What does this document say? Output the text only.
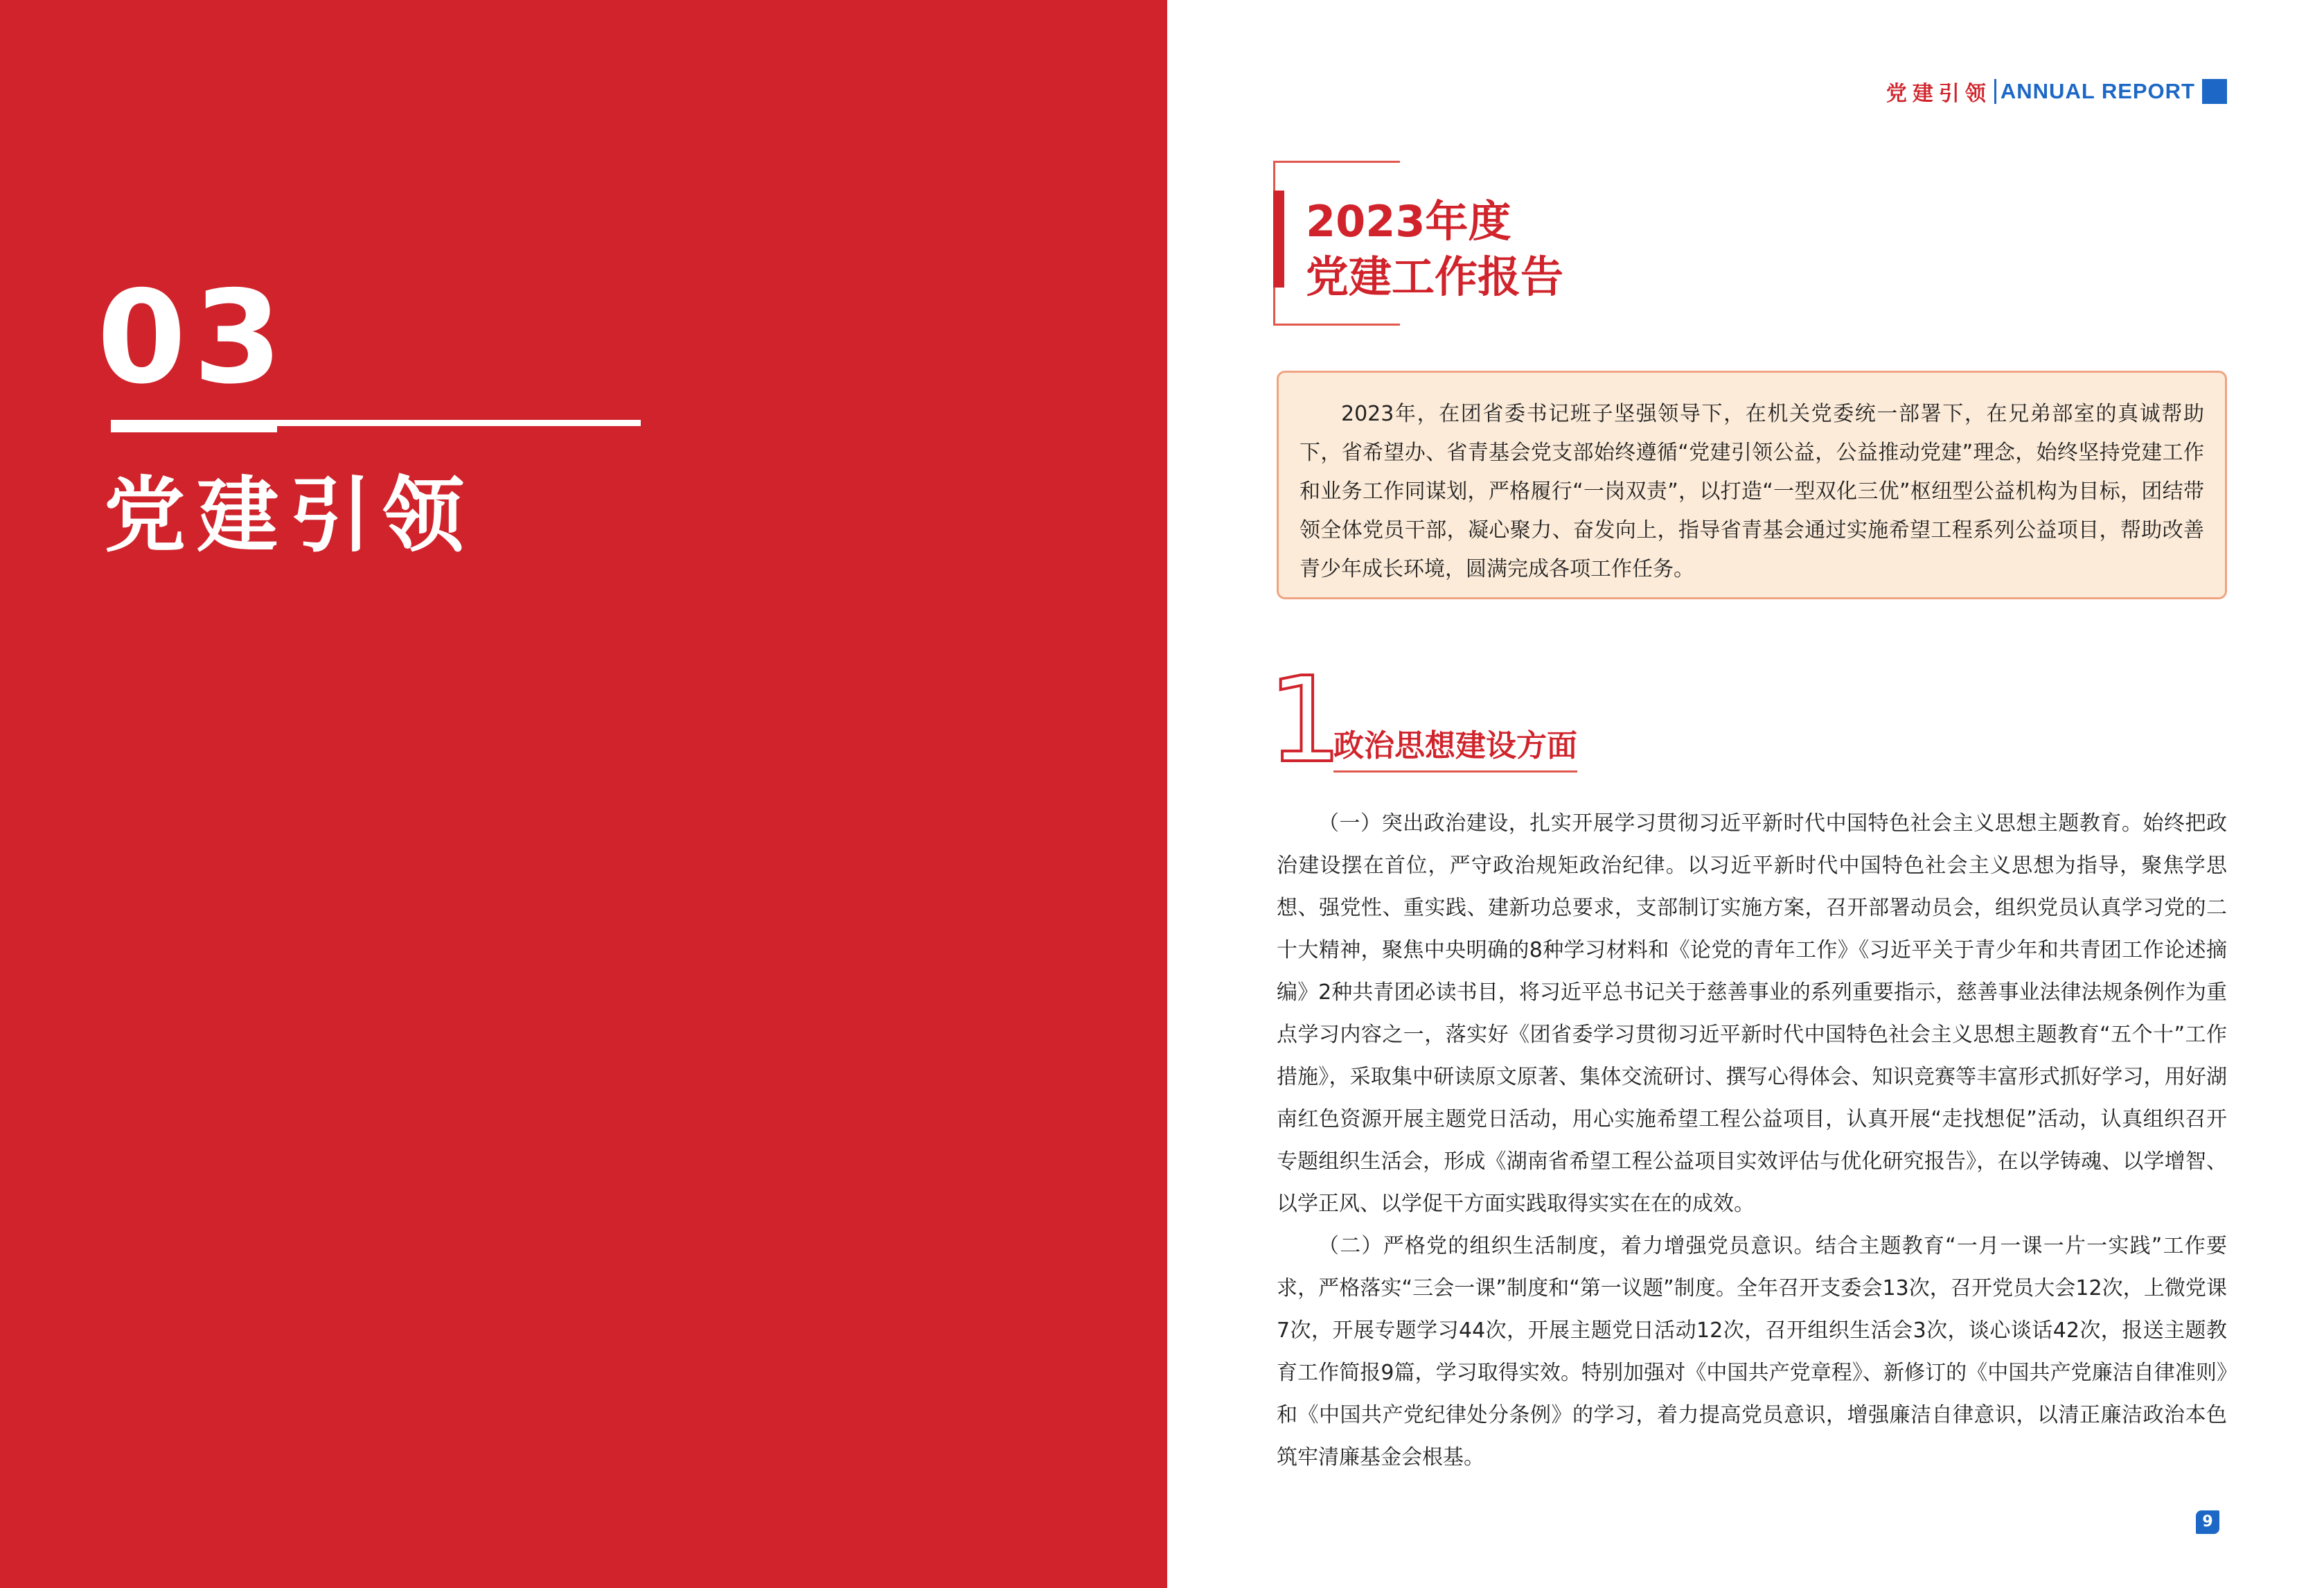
03
党建引领
党建引领 ANNUAL REPORT
2023年度
党建工作报告
2023年，在团省委书记班子坚强领导下，在机关党委统一部署下，在兄弟部室的真诚帮助下，省希望办、省青基会党支部始终遵循“党建引领公益，公益推动党建”理念，始终坚持党建工作和业务工作同谋划，严格履行“一岗双责”，以打造“一型双化三优”枢纽型公益机构为目标，团结带领全体党员干部，凝心聚力、奋发向上，指导省青基会通过实施希望工程系列公益项目，帮助改善青少年成长环境，圆满完成各项工作任务。
1
政治思想建设方面

（一）突出政治建设，扎实开展学习贯彻习近平新时代中国特色社会主义思想主题教育。始终把政治建设摆在首位，严守政治规矩政治纪律。以习近平新时代中国特色社会主义思想为指导，聚焦学思想、强党性、重实践、建新功总要求，支部制订实施方案，召开部署动员会，组织党员认真学习党的二十大精神，聚焦中央明确的8种学习材料和《论党的青年工作》《习近平关于青少年和共青团工作论述摘编》2种共青团必读书目，将习近平总书记关于慈善事业的系列重要指示，慈善事业法律法规条例作为重点学习内容之一，落实好《团省委学习贯彻习近平新时代中国特色社会主义思想主题教育“五个十”工作措施》，采取集中研读原文原著、集体交流研讨、撰写心得体会、知识竞赛等丰富形式抓好学习，用好湖南红色资源开展主题党日活动，用心实施希望工程公益项目，认真开展“走找想促”活动，认真组织召开专题组织生活会，形成《湖南省希望工程公益项目实效评估与优化研究报告》，在以学铸魂、以学增智、以学正风、以学促干方面实践取得实实在在的成效。

（二）严格党的组织生活制度，着力增强党员意识。结合主题教育“一月一课一片一实践”工作要求，严格落实“三会一课”制度和“第一议题”制度。全年召开支委会13次，召开党员大会12次，上微党课7次，开展专题学习44次，开展主题党日活动12次，召开组织生活会3次，谈心谈话42次，报送主题教育工作简报9篇，学习取得实效。特别加强对《中国共产党章程》、新修订的《中国共产党廉洁自律准则》和《中国共产党纪律处分条例》的学习，着力提高党员意识，增强廉洁自律意识，以清正廉洁政治本色筑牢清廉基金会根基。

9
